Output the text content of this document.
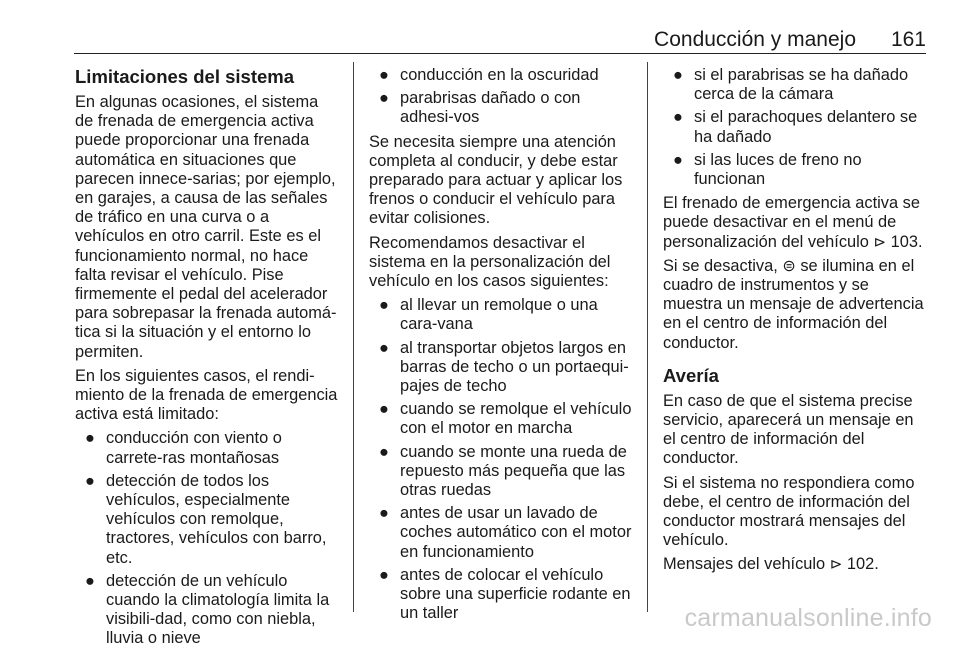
Conducción y manejo 161
Limitaciones del sistema

En algunas ocasiones, el sistema de frenada de emergencia activa puede proporcionar una frenada automática en situaciones que parecen innece-sarias; por ejemplo, en garajes, a causa de las señales de tráfico en una curva o a vehículos en otro carril. Este es el funcionamiento normal, no hace falta revisar el vehículo. Pise firmemente el pedal del acelerador para sobrepasar la frenada automá-tica si la situación y el entorno lo permiten.

En los siguientes casos, el rendi-miento de la frenada de emergencia activa está limitado:

● conducción con viento o carrete-ras montañosas
● detección de todos los vehículos, especialmente vehículos con remolque, tractores, vehículos con barro, etc.
● detección de un vehículo cuando la climatología limita la visibili-dad, como con niebla, lluvia o nieve
● conducción en la oscuridad
● parabrisas dañado o con adhesi-vos

Se necesita siempre una atención completa al conducir, y debe estar preparado para actuar y aplicar los frenos o conducir el vehículo para evitar colisiones.

Recomendamos desactivar el sistema en la personalización del vehículo en los casos siguientes:

● al llevar un remolque o una cara-vana
● al transportar objetos largos en barras de techo o un portaequi-pajes de techo
● cuando se remolque el vehículo con el motor en marcha
● cuando se monte una rueda de repuesto más pequeña que las otras ruedas
● antes de usar un lavado de coches automático con el motor en funcionamiento
● antes de colocar el vehículo sobre una superficie rodante en un taller
● si el parabrisas se ha dañado cerca de la cámara
● si el parachoques delantero se ha dañado
● si las luces de freno no funcionan

El frenado de emergencia activa se puede desactivar en el menú de personalización del vehículo ⊳ 103.

Si se desactiva, ⊜ se ilumina en el cuadro de instrumentos y se muestra un mensaje de advertencia en el centro de información del conductor.

Avería

En caso de que el sistema precise servicio, aparecerá un mensaje en el centro de información del conductor.

Si el sistema no respondiera como debe, el centro de información del conductor mostrará mensajes del vehículo.

Mensajes del vehículo ⊳ 102.

carmanualsonline.info
